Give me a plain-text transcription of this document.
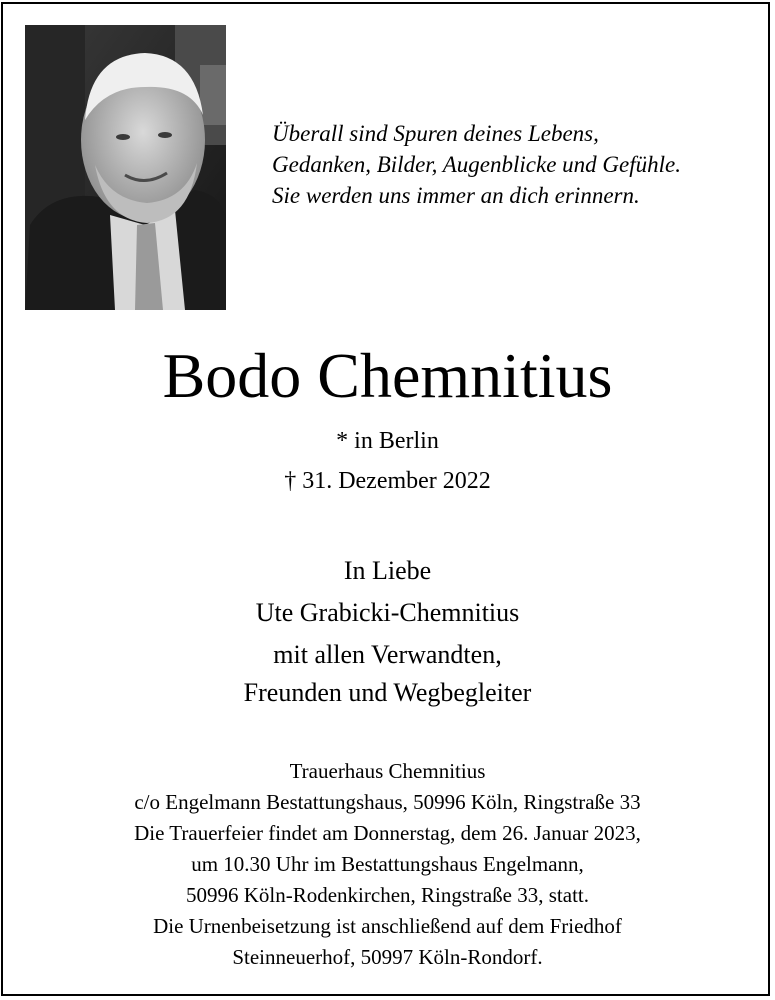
Überall sind Spuren deines Lebens,
Gedanken, Bilder, Augenblicke und Gefühle.
Sie werden uns immer an dich erinnern.
Bodo Chemnitius
* in Berlin
† 31. Dezember 2022
In Liebe
Ute Grabicki-Chemnitius
mit allen Verwandten,
Freunden und Wegbegleiter
Trauerhaus Chemnitius
c/o Engelmann Bestattungshaus, 50996 Köln, Ringstraße 33
Die Trauerfeier findet am Donnerstag, dem 26. Januar 2023,
um 10.30 Uhr im Bestattungshaus Engelmann,
50996 Köln-Rodenkirchen, Ringstraße 33, statt.
Die Urnenbeisetzung ist anschließend auf dem Friedhof
Steinneuerhof, 50997 Köln-Rondorf.
